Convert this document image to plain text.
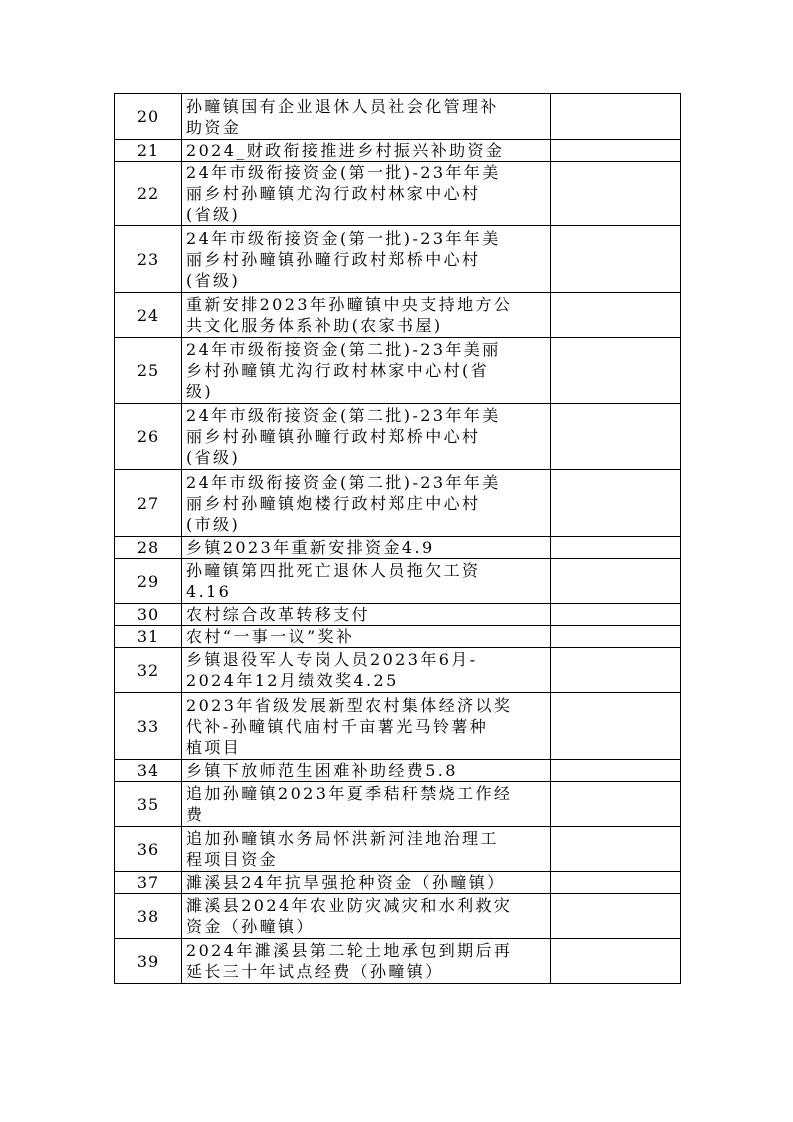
20	孙疃镇国有企业退休人员社会化管理补
助资金	
21	2024_财政衔接推进乡村振兴补助资金	
22	24年市级衔接资金(第一批)-23年年美
丽乡村孙疃镇尤沟行政村林家中心村
(省级)	
23	24年市级衔接资金(第一批)-23年年美
丽乡村孙疃镇孙疃行政村郑桥中心村
(省级)	
24	重新安排2023年孙疃镇中央支持地方公
共文化服务体系补助(农家书屋)	
25	24年市级衔接资金(第二批)-23年美丽
乡村孙疃镇尤沟行政村林家中心村(省
级)	
26	24年市级衔接资金(第二批)-23年年美
丽乡村孙疃镇孙疃行政村郑桥中心村
(省级)	
27	24年市级衔接资金(第二批)-23年年美
丽乡村孙疃镇炮楼行政村郑庄中心村
(市级)	
28	乡镇2023年重新安排资金4.9	
29	孙疃镇第四批死亡退休人员拖欠工资
4.16	
30	农村综合改革转移支付	
31	农村“一事一议”奖补	
32	乡镇退役军人专岗人员2023年6月-
2024年12月绩效奖4.25	
33	2023年省级发展新型农村集体经济以奖
代补-孙疃镇代庙村千亩薯光马铃薯种
植项目	
34	乡镇下放师范生困难补助经费5.8	
35	追加孙疃镇2023年夏季秸秆禁烧工作经
费	
36	追加孙疃镇水务局怀洪新河洼地治理工
程项目资金	
37	濉溪县24年抗旱强抢种资金（孙疃镇）	
38	濉溪县2024年农业防灾减灾和水利救灾
资金（孙疃镇）	
39	2024年濉溪县第二轮土地承包到期后再
延长三十年试点经费（孙疃镇）	
